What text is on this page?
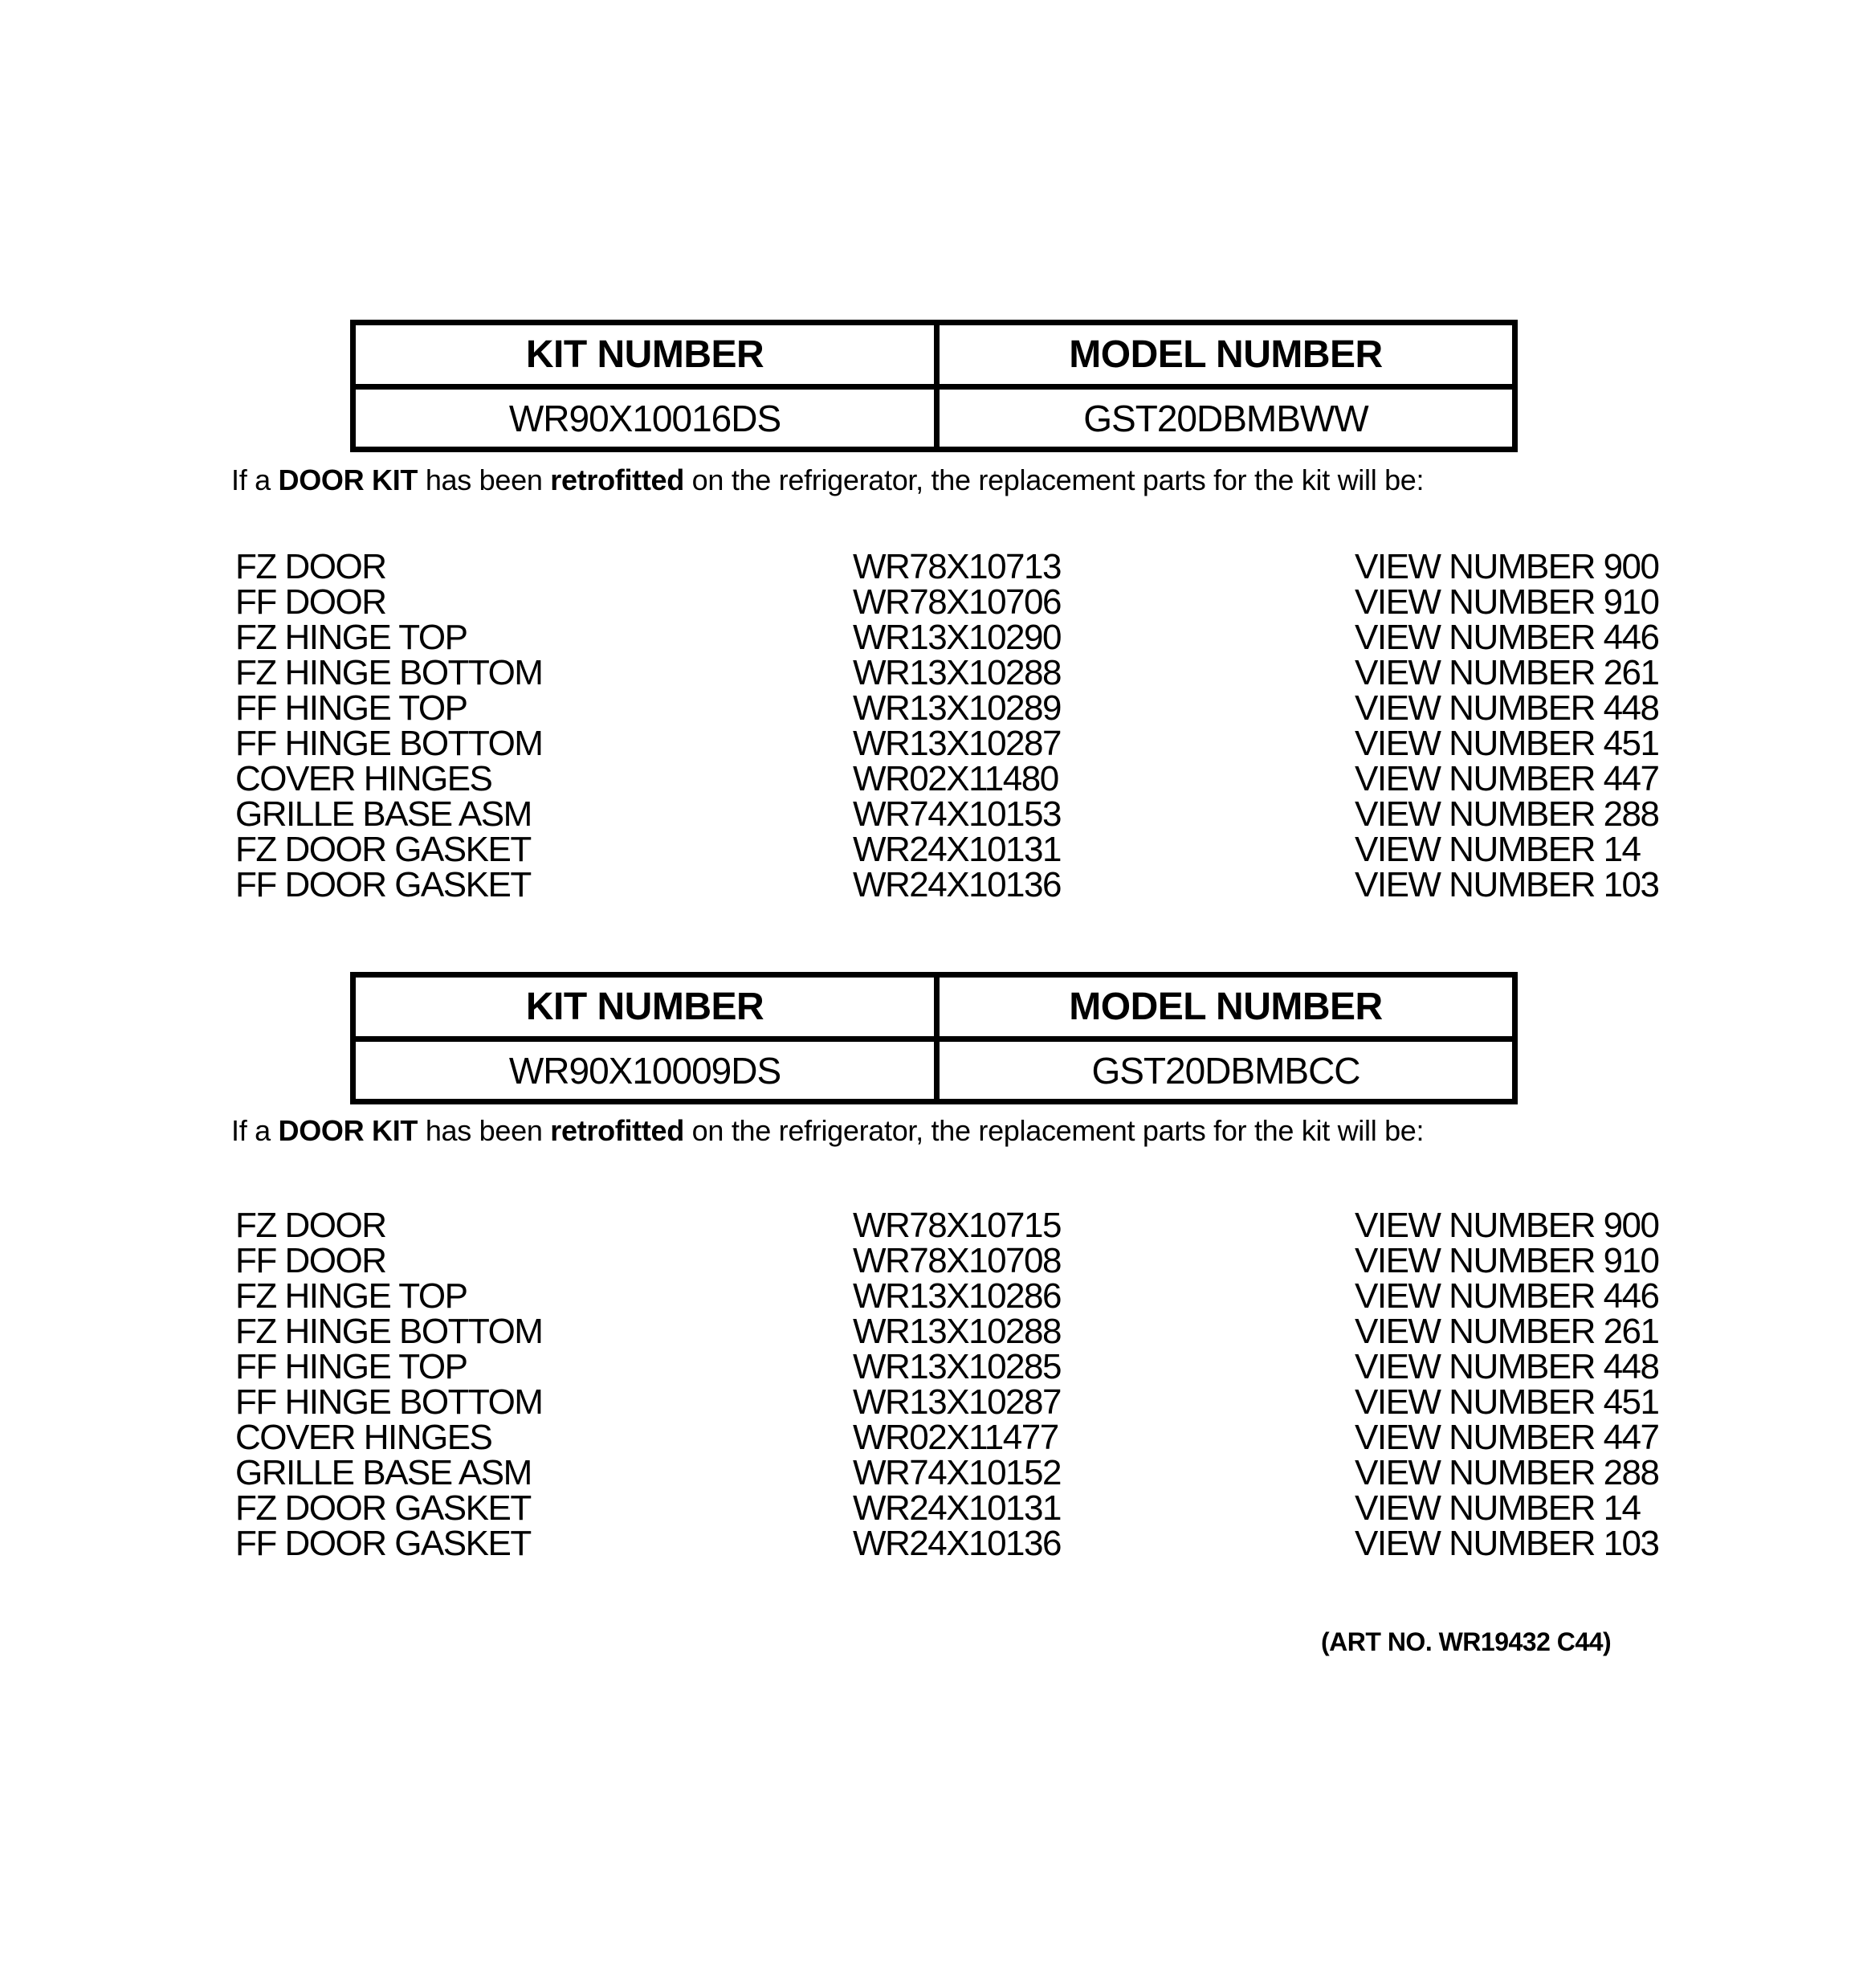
KIT NUMBER	MODEL NUMBER
WR90X10016DS	GST20DBMBWW
If a DOOR KIT has been retrofitted on the refrigerator, the replacement parts for the kit will be:
FZ DOOR	WR78X10713	VIEW NUMBER 900
FF DOOR	WR78X10706	VIEW NUMBER 910
FZ HINGE TOP	WR13X10290	VIEW NUMBER 446
FZ HINGE BOTTOM	WR13X10288	VIEW NUMBER 261
FF HINGE TOP	WR13X10289	VIEW NUMBER 448
FF HINGE BOTTOM	WR13X10287	VIEW NUMBER 451
COVER HINGES	WR02X11480	VIEW NUMBER 447
GRILLE BASE ASM	WR74X10153	VIEW NUMBER 288
FZ DOOR GASKET	WR24X10131	VIEW NUMBER 14
FF DOOR GASKET	WR24X10136	VIEW NUMBER 103
KIT NUMBER	MODEL NUMBER
WR90X10009DS	GST20DBMBCC
If a DOOR KIT has been retrofitted on the refrigerator, the replacement parts for the kit will be:
FZ DOOR	WR78X10715	VIEW NUMBER 900
FF DOOR	WR78X10708	VIEW NUMBER 910
FZ HINGE TOP	WR13X10286	VIEW NUMBER 446
FZ HINGE BOTTOM	WR13X10288	VIEW NUMBER 261
FF HINGE TOP	WR13X10285	VIEW NUMBER 448
FF HINGE BOTTOM	WR13X10287	VIEW NUMBER 451
COVER HINGES	WR02X11477	VIEW NUMBER 447
GRILLE BASE ASM	WR74X10152	VIEW NUMBER 288
FZ DOOR GASKET	WR24X10131	VIEW NUMBER 14
FF DOOR GASKET	WR24X10136	VIEW NUMBER 103
(ART NO. WR19432 C44)
